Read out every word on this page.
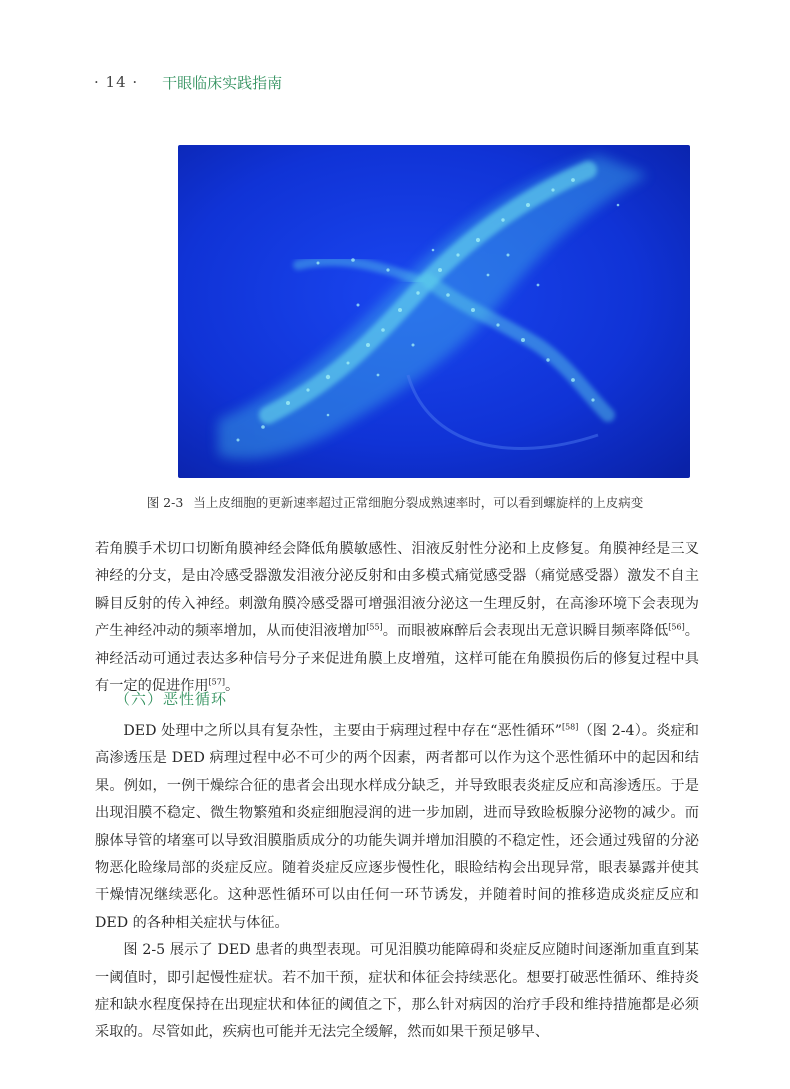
· 14 · 干眼临床实践指南
图 2-3 当上皮细胞的更新速率超过正常细胞分裂成熟速率时，可以看到螺旋样的上皮病变

若角膜手术切口切断角膜神经会降低角膜敏感性、泪液反射性分泌和上皮修复。角膜神经是三叉神经的分支，是由冷感受器激发泪液分泌反射和由多模式痛觉感受器（痛觉感受器）激发不自主瞬目反射的传入神经。刺激角膜冷感受器可增强泪液分泌这一生理反射，在高渗环境下会表现为产生神经冲动的频率增加，从而使泪液增加[55]。而眼被麻醉后会表现出无意识瞬目频率降低[56]。神经活动可通过表达多种信号分子来促进角膜上皮增殖，这样可能在角膜损伤后的修复过程中具有一定的促进作用[57]。

（六）恶性循环

DED 处理中之所以具有复杂性，主要由于病理过程中存在“恶性循环”[58]（图 2-4）。炎症和高渗透压是 DED 病理过程中必不可少的两个因素，两者都可以作为这个恶性循环中的起因和结果。例如，一例干燥综合征的患者会出现水样成分缺乏，并导致眼表炎症反应和高渗透压。于是出现泪膜不稳定、微生物繁殖和炎症细胞浸润的进一步加剧，进而导致睑板腺分泌物的减少。而腺体导管的堵塞可以导致泪膜脂质成分的功能失调并增加泪膜的不稳定性，还会通过残留的分泌物恶化睑缘局部的炎症反应。随着炎症反应逐步慢性化，眼睑结构会出现异常，眼表暴露并使其干燥情况继续恶化。这种恶性循环可以由任何一环节诱发，并随着时间的推移造成炎症反应和 DED 的各种相关症状与体征。

图 2-5 展示了 DED 患者的典型表现。可见泪膜功能障碍和炎症反应随时间逐渐加重直到某一阈值时，即引起慢性症状。若不加干预，症状和体征会持续恶化。想要打破恶性循环、维持炎症和缺水程度保持在出现症状和体征的阈值之下，那么针对病因的治疗手段和维持措施都是必须采取的。尽管如此，疾病也可能并无法完全缓解，然而如果干预足够早、
